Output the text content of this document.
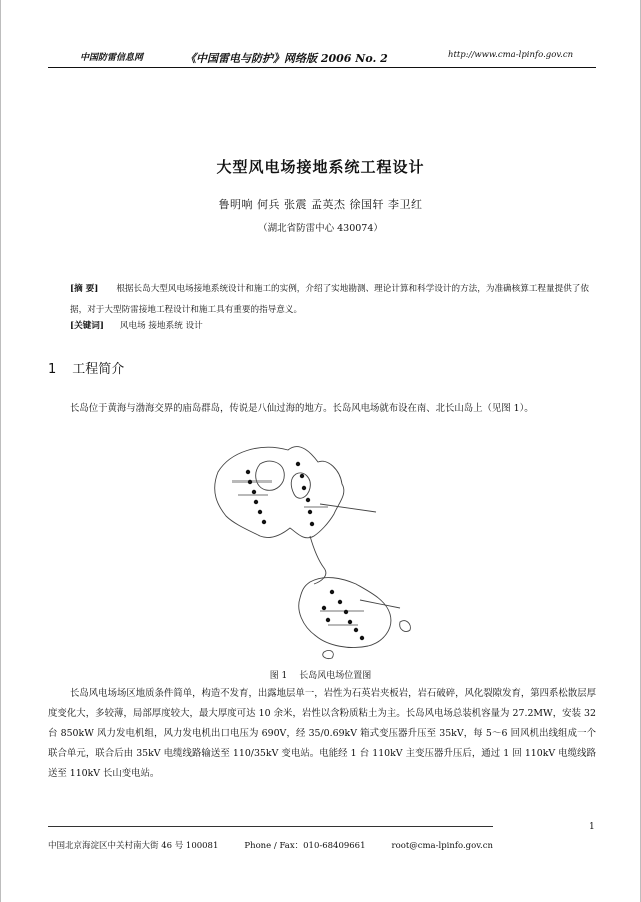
中国防雷信息网	《中国雷电与防护》网络版 2006 No. 2	http://www.cma-lpinfo.gov.cn
大型风电场接地系统工程设计
鲁明响 何兵 张震 孟英杰 徐国轩 李卫红
（湖北省防雷中心 430074）
[摘 要] 根据长岛大型风电场接地系统设计和施工的实例，介绍了实地勘测、理论计算和科学设计的方法，为准确核算工程量提供了依据，对于大型防雷接地工程设计和施工具有重要的指导意义。
[关键词] 风电场 接地系统 设计
1 工程简介
长岛位于黄海与渤海交界的庙岛群岛，传说是八仙过海的地方。长岛风电场就布设在南、北长山岛上（见图 1）。
图 1 长岛风电场位置图
长岛风电场场区地质条件简单，构造不发育，出露地层单一，岩性为石英岩夹板岩，岩石破碎，风化裂隙发育，第四系松散层厚度变化大，多较薄，局部厚度较大，最大厚度可达 10 余米，岩性以含粉质粘土为主。长岛风电场总装机容量为 27.2MW，安装 32 台 850kW 风力发电机组，风力发电机出口电压为 690V，经 35/0.69kV 箱式变压器升压至 35kV，每 5～6 回风机出线组成一个联合单元，联合后由 35kV 电缆线路输送至 110/35kV 变电站。电能经 1 台 110kV 主变压器升压后，通过 1 回 110kV 电缆线路送至 110kV 长山变电站。
1
中国北京海淀区中关村南大街 46 号 100081	Phone / Fax：010-68409661	root@cma-lpinfo.gov.cn
